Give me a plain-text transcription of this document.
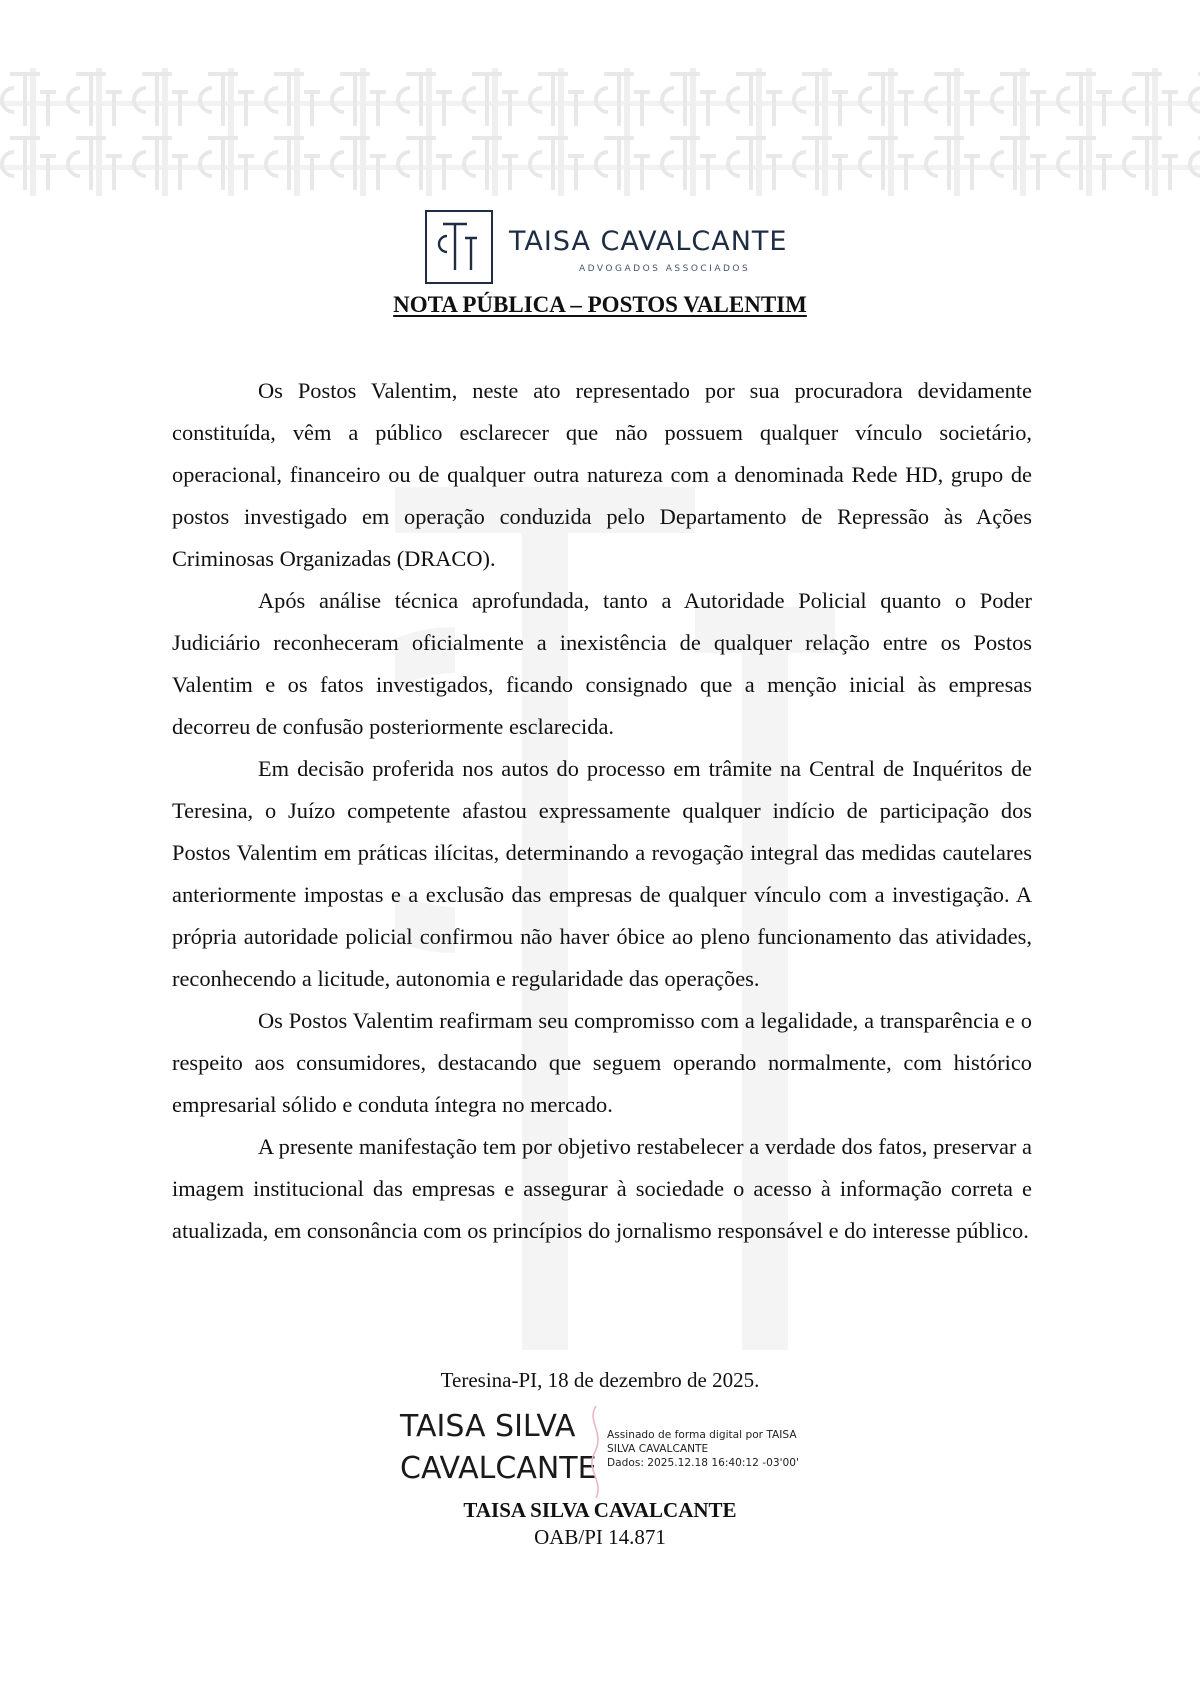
TAISA CAVALCANTE
ADVOGADOS ASSOCIADOS
NOTA PÚBLICA – POSTOS VALENTIM

Os Postos Valentim, neste ato representado por sua procuradora devidamente constituída, vêm a público esclarecer que não possuem qualquer vínculo societário, operacional, financeiro ou de qualquer outra natureza com a denominada Rede HD, grupo de postos investigado em operação conduzida pelo Departamento de Repressão às Ações Criminosas Organizadas (DRACO).

Após análise técnica aprofundada, tanto a Autoridade Policial quanto o Poder Judiciário reconheceram oficialmente a inexistência de qualquer relação entre os Postos Valentim e os fatos investigados, ficando consignado que a menção inicial às empresas decorreu de confusão posteriormente esclarecida.

Em decisão proferida nos autos do processo em trâmite na Central de Inquéritos de Teresina, o Juízo competente afastou expressamente qualquer indício de participação dos Postos Valentim em práticas ilícitas, determinando a revogação integral das medidas cautelares anteriormente impostas e a exclusão das empresas de qualquer vínculo com a investigação. A própria autoridade policial confirmou não haver óbice ao pleno funcionamento das atividades, reconhecendo a licitude, autonomia e regularidade das operações.

Os Postos Valentim reafirmam seu compromisso com a legalidade, a transparência e o respeito aos consumidores, destacando que seguem operando normalmente, com histórico empresarial sólido e conduta íntegra no mercado.

A presente manifestação tem por objetivo restabelecer a verdade dos fatos, preservar a imagem institucional das empresas e assegurar à sociedade o acesso à informação correta e atualizada, em consonância com os princípios do jornalismo responsável e do interesse público.

Teresina-PI, 18 de dezembro de 2025.
TAISA SILVA
CAVALCANTE
Assinado de forma digital por TAISA
SILVA CAVALCANTE
Dados: 2025.12.18 16:40:12 -03'00'
TAISA SILVA CAVALCANTE
OAB/PI 14.871
